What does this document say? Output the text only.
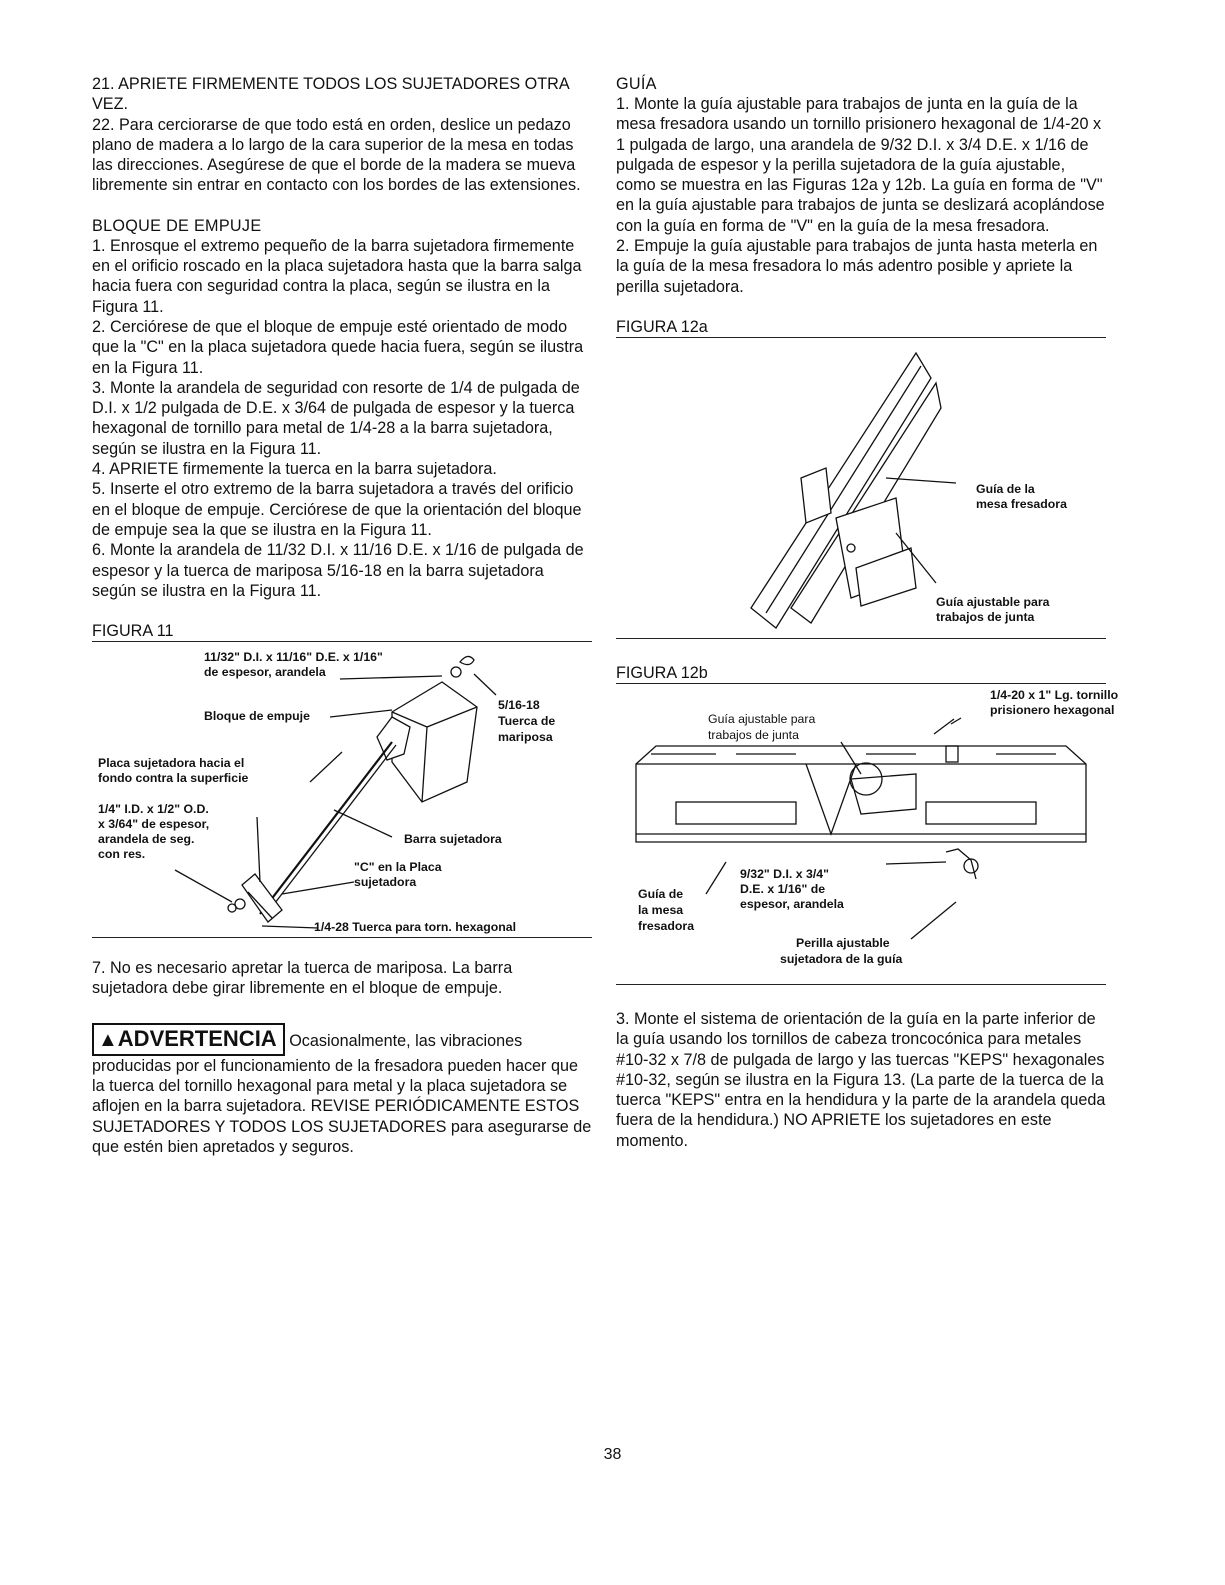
21. APRIETE FIRMEMENTE TODOS LOS SUJETADORES OTRA VEZ.

22. Para cerciorarse de que todo está en orden, deslice un pedazo plano de madera a lo largo de la cara superior de la mesa en todas las direcciones. Asegúrese de que el borde de la madera se mueva libremente sin entrar en contacto con los bordes de las extensiones.

BLOQUE DE EMPUJE

1. Enrosque el extremo pequeño de la barra sujetadora firmemente en el orificio roscado en la placa sujetadora hasta que la barra salga hacia fuera con seguridad contra la placa, según se ilustra en la Figura 11.

2. Cerciórese de que el bloque de empuje esté orientado de modo que la "C" en la placa sujetadora quede hacia fuera, según se ilustra en la Figura 11.

3. Monte la arandela de seguridad con resorte de 1/4 de pulgada de D.I. x 1/2 pulgada de D.E. x 3/64 de pulgada de espesor y la tuerca hexagonal de tornillo para metal de 1/4-28 a la barra sujetadora, según se ilustra en la Figura 11.

4. APRIETE firmemente la tuerca en la barra sujetadora.

5. Inserte el otro extremo de la barra sujetadora a través del orificio en el bloque de empuje. Cerciórese de que la orientación del bloque de empuje sea la que se ilustra en la Figura 11.

6. Monte la arandela de 11/32 D.I. x 11/16 D.E. x 1/16 de pulgada de espesor y la tuerca de mariposa 5/16-18 en la barra sujetadora según se ilustra en la Figura 11.

FIGURA 11
11/32" D.I. x 11/16" D.E. x 1/16"
de espesor, arandela
Bloque de empuje
5/16-18
Tuerca de
mariposa
Placa sujetadora hacia el
fondo contra la superficie
1/4" I.D. x 1/2" O.D.
x 3/64" de espesor,
arandela de seg.
con res.
Barra sujetadora
"C" en la Placa
sujetadora
1/4-28 Tuerca para torn. hexagonal

7. No es necesario apretar la tuerca de mariposa. La barra sujetadora debe girar libremente en el bloque de empuje.

▲ADVERTENCIA Ocasionalmente, las vibraciones

producidas por el funcionamiento de la fresadora pueden hacer que la tuerca del tornillo hexagonal para metal y la placa sujetadora se aflojen en la barra sujetadora. REVISE PERIÓDICAMENTE ESTOS SUJETADORES Y TODOS LOS SUJETADORES para asegurarse de que estén bien apretados y seguros.

GUÍA

1. Monte la guía ajustable para trabajos de junta en la guía de la mesa fresadora usando un tornillo prisionero hexagonal de 1/4-20 x 1 pulgada de largo, una arandela de 9/32 D.I. x 3/4 D.E. x 1/16 de pulgada de espesor y la perilla sujetadora de la guía ajustable, como se muestra en las Figuras 12a y 12b. La guía en forma de "V" en la guía ajustable para trabajos de junta se deslizará acoplándose con la guía en forma de "V" en la guía de la mesa fresadora.

2. Empuje la guía ajustable para trabajos de junta hasta meterla en la guía de la mesa fresadora lo más adentro posible y apriete la perilla sujetadora.

FIGURA 12a
Guía de la
mesa fresadora
Guía ajustable para
trabajos de junta
FIGURA 12b
1/4-20 x 1" Lg. tornillo
prisionero hexagonal
Guía ajustable para
trabajos de junta
9/32" D.I. x 3/4"
D.E. x 1/16" de
espesor, arandela
Guía de
la mesa
fresadora
Perilla ajustable
sujetadora de la guía

3. Monte el sistema de orientación de la guía en la parte inferior de la guía usando los tornillos de cabeza troncocónica para metales #10-32 x 7/8 de pulgada de largo y las tuercas "KEPS" hexagonales #10-32, según se ilustra en la Figura 13. (La parte de la tuerca de la tuerca "KEPS" entra en la hendidura y la parte de la arandela queda fuera de la hendidura.) NO APRIETE los sujetadores en este momento.

38
